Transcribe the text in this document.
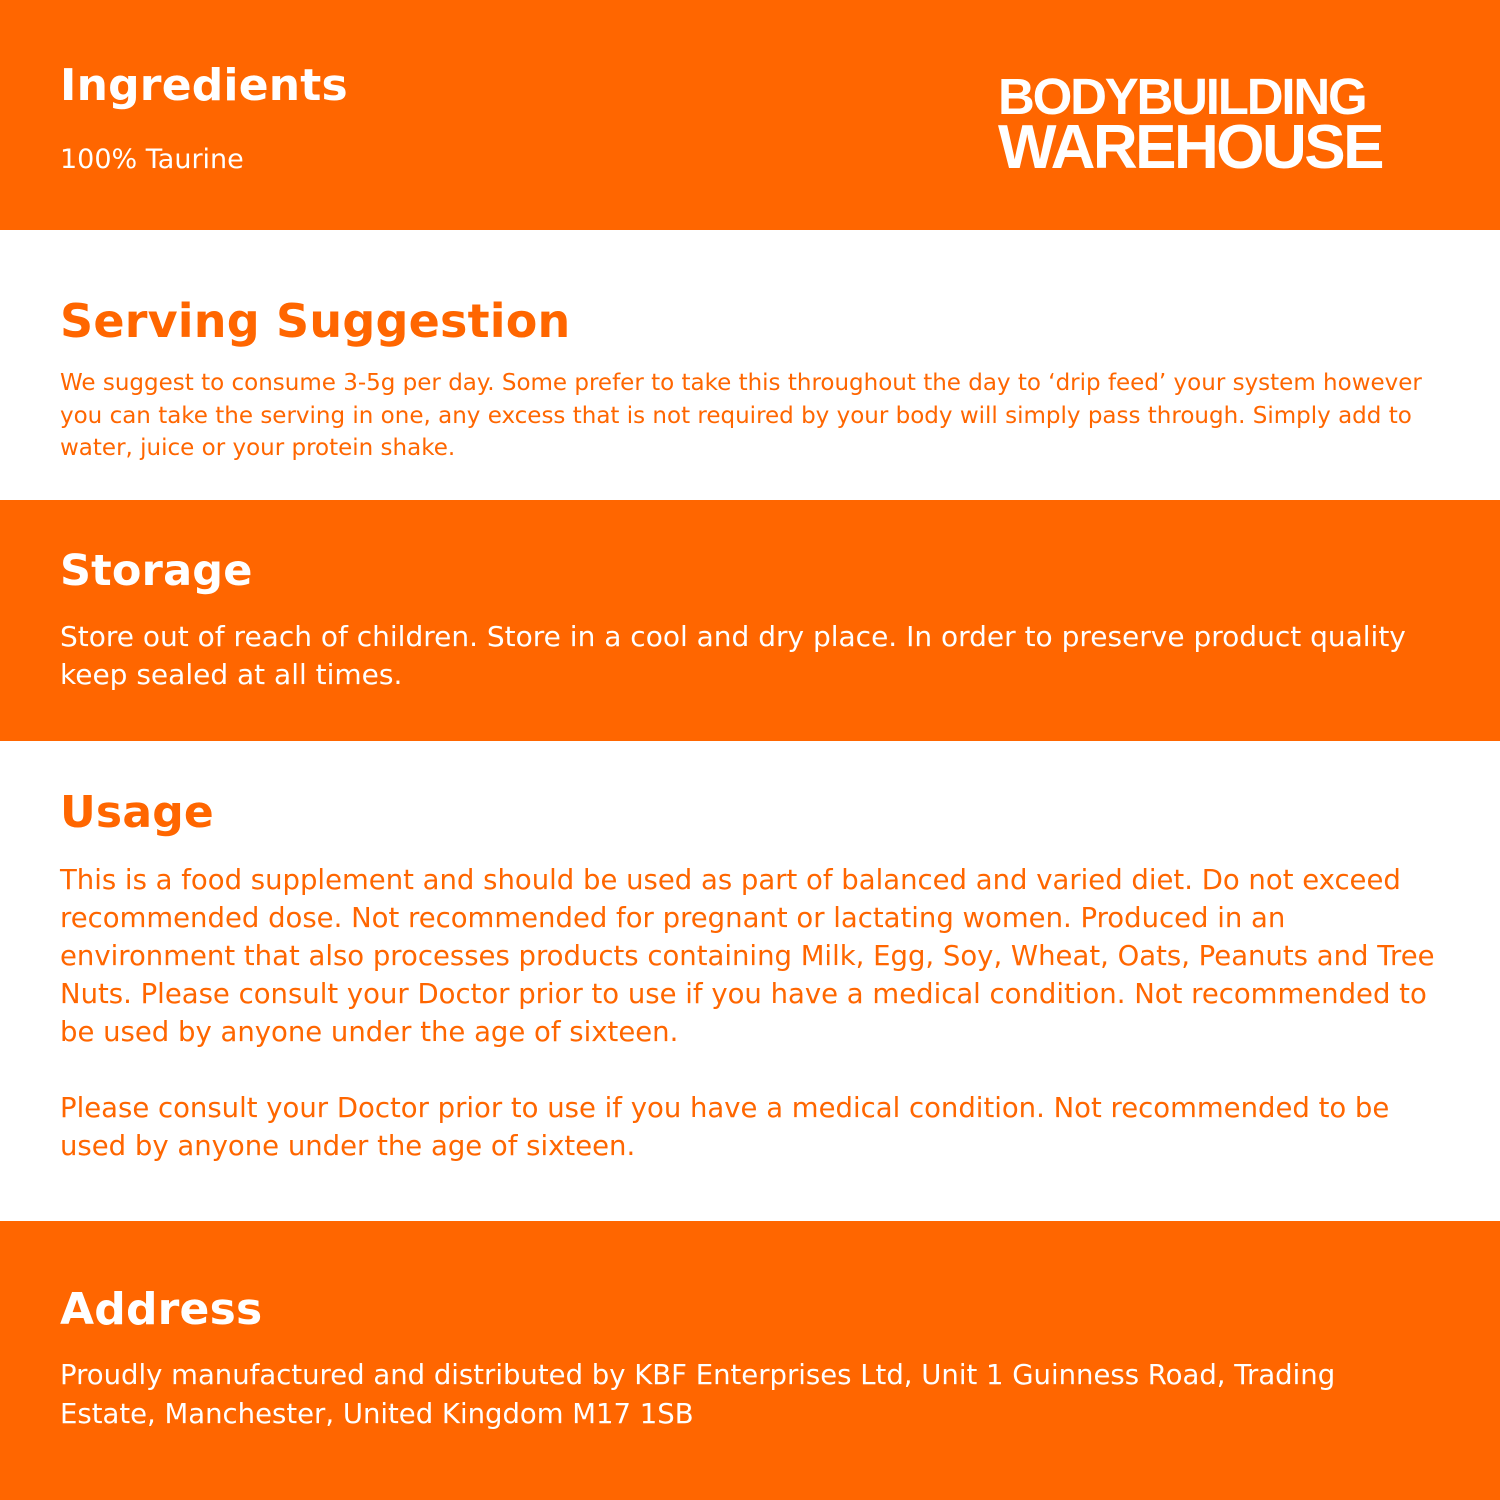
Ingredients

100% Taurine

BODYBUILDING
WAREHOUSE
Serving Suggestion

We suggest to consume 3-5g per day. Some prefer to take this throughout the day to ‘drip feed’ your system however you can take the serving in one, any excess that is not required by your body will simply pass through. Simply add to water, juice or your protein shake.

Storage

Store out of reach of children. Store in a cool and dry place. In order to preserve product quality keep sealed at all times.

Usage

This is a food supplement and should be used as part of balanced and varied diet. Do not exceed recommended dose. Not recommended for pregnant or lactating women. Produced in an environment that also processes products containing Milk, Egg, Soy, Wheat, Oats, Peanuts and Tree Nuts. Please consult your Doctor prior to use if you have a medical condition. Not recommended to be used by anyone under the age of sixteen.

Please consult your Doctor prior to use if you have a medical condition. Not recommended to be used by anyone under the age of sixteen.

Address

Proudly manufactured and distributed by KBF Enterprises Ltd, Unit 1 Guinness Road, Trading Estate, Manchester, United Kingdom M17 1SB
